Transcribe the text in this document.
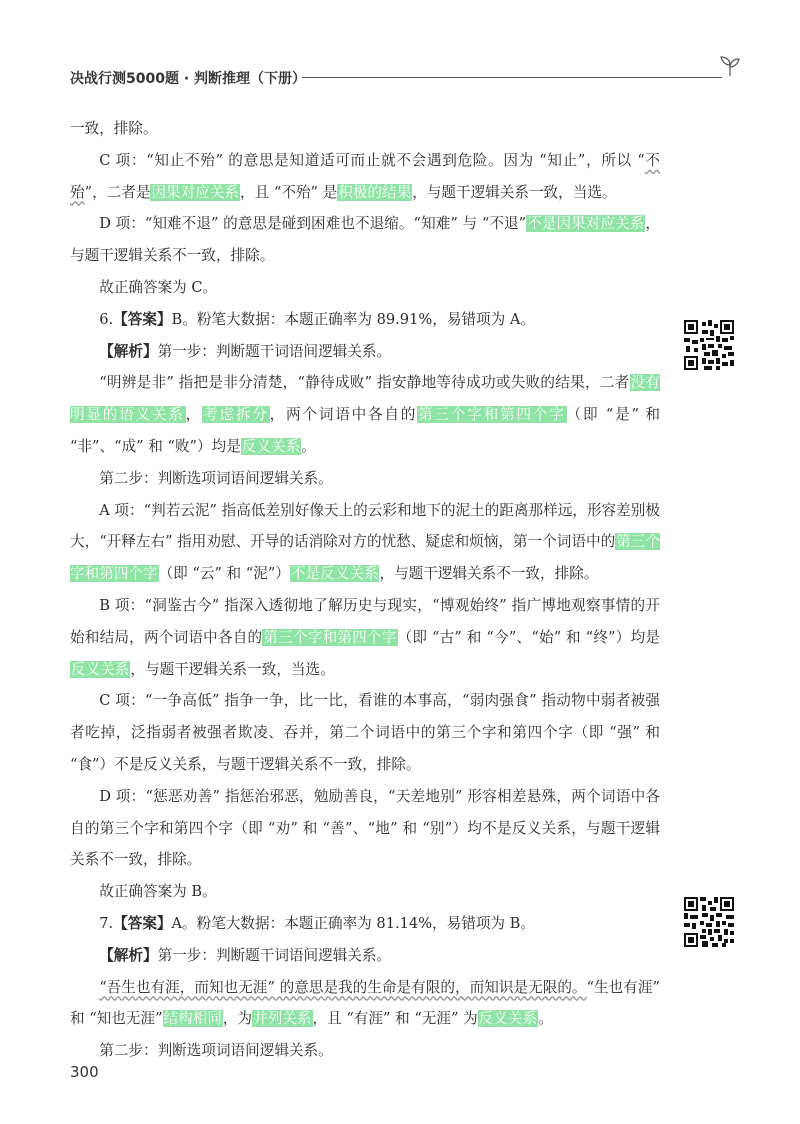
决战行测5000题 · 判断推理（下册）

一致，排除。

C 项：“知止不殆” 的意思是知道适可而止就不会遇到危险。因为 “知止”，所以 “不殆”，二者是因果对应关系，且 “不殆” 是积极的结果，与题干逻辑关系一致，当选。

D 项：“知难不退” 的意思是碰到困难也不退缩。“知难” 与 “不退”不是因果对应关系，与题干逻辑关系不一致，排除。

故正确答案为 C。

6.【答案】B。粉笔大数据：本题正确率为 89.91%，易错项为 A。

【解析】第一步：判断题干词语间逻辑关系。

“明辨是非” 指把是非分清楚，“静待成败” 指安静地等待成功或失败的结果，二者没有明显的语义关系，考虑拆分，两个词语中各自的第三个字和第四个字（即 “是” 和 “非”、“成” 和 “败”）均是反义关系。

第二步：判断选项词语间逻辑关系。

A 项：“判若云泥” 指高低差别好像天上的云彩和地下的泥土的距离那样远，形容差别极大，“开释左右” 指用劝慰、开导的话消除对方的忧愁、疑虑和烦恼，第一个词语中的第三个字和第四个字（即 “云” 和 “泥”）不是反义关系，与题干逻辑关系不一致，排除。

B 项：“洞鉴古今” 指深入透彻地了解历史与现实，“博观始终” 指广博地观察事情的开始和结局，两个词语中各自的第三个字和第四个字（即 “古” 和 “今”、“始” 和 “终”）均是反义关系，与题干逻辑关系一致，当选。

C 项：“一争高低” 指争一争，比一比，看谁的本事高，“弱肉强食” 指动物中弱者被强者吃掉，泛指弱者被强者欺凌、吞并，第二个词语中的第三个字和第四个字（即 “强” 和 “食”）不是反义关系，与题干逻辑关系不一致，排除。

D 项：“惩恶劝善” 指惩治邪恶，勉励善良，“天差地别” 形容相差悬殊，两个词语中各自的第三个字和第四个字（即 “劝” 和 “善”、“地” 和 “别”）均不是反义关系，与题干逻辑关系不一致，排除。

故正确答案为 B。

7.【答案】A。粉笔大数据：本题正确率为 81.14%，易错项为 B。

【解析】第一步：判断题干词语间逻辑关系。

“吾生也有涯，而知也无涯” 的意思是我的生命是有限的，而知识是无限的。“生也有涯” 和 “知也无涯”结构相同，为并列关系，且 “有涯” 和 “无涯” 为反义关系。

第二步：判断选项词语间逻辑关系。

300
